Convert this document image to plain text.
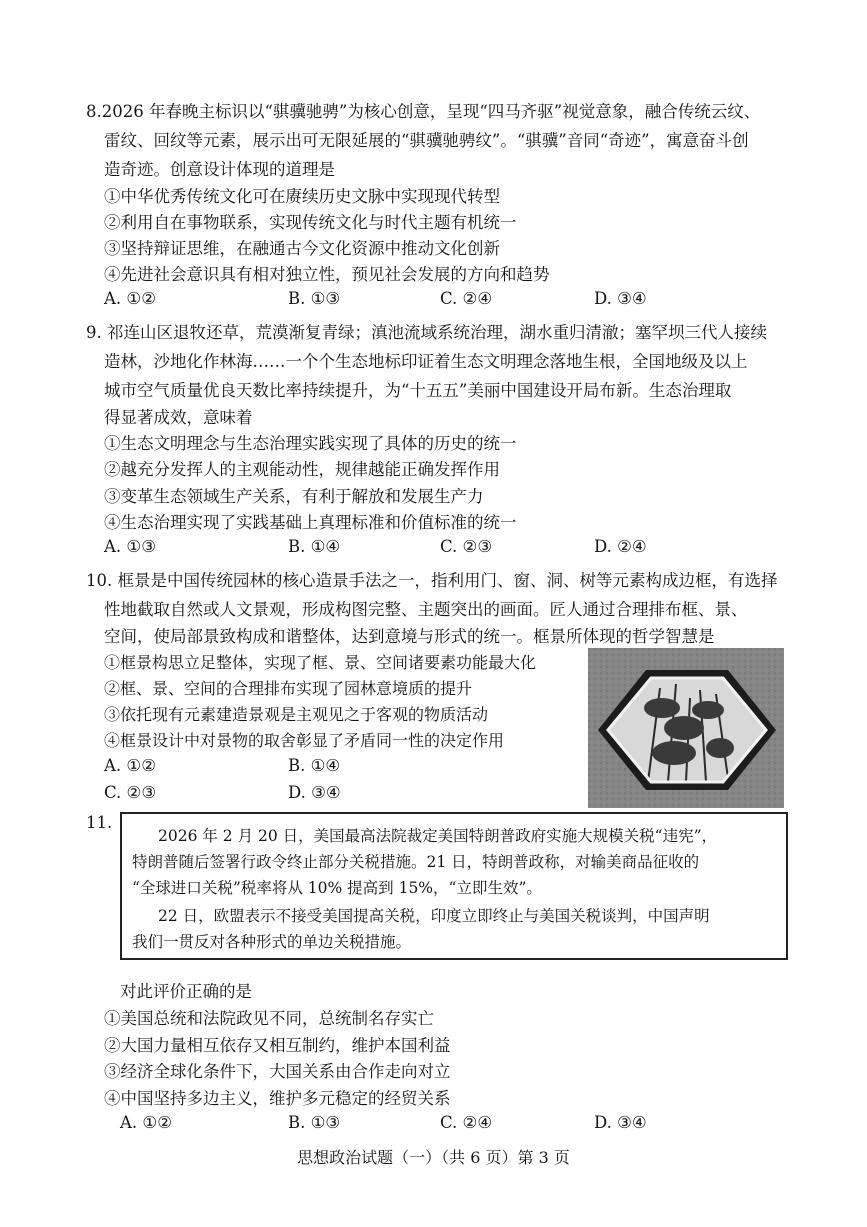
8.2026 年春晚主标识以“骐骥驰骋”为核心创意，呈现“四马齐驱”视觉意象，融合传统云纹、
雷纹、回纹等元素，展示出可无限延展的“骐骥驰骋纹”。“骐骥”音同“奇迹”，寓意奋斗创
造奇迹。创意设计体现的道理是
①中华优秀传统文化可在赓续历史文脉中实现现代转型
②利用自在事物联系，实现传统文化与时代主题有机统一
③坚持辩证思维，在融通古今文化资源中推动文化创新
④先进社会意识具有相对独立性，预见社会发展的方向和趋势
A. ①②	B. ①③	C. ②④	D. ③④
9. 祁连山区退牧还草，荒漠渐复青绿；滇池流域系统治理，湖水重归清澈；塞罕坝三代人接续
造林，沙地化作林海……一个个生态地标印证着生态文明理念落地生根，全国地级及以上
城市空气质量优良天数比率持续提升，为“十五五”美丽中国建设开局布新。生态治理取
得显著成效，意味着
①生态文明理念与生态治理实践实现了具体的历史的统一
②越充分发挥人的主观能动性，规律越能正确发挥作用
③变革生态领域生产关系，有利于解放和发展生产力
④生态治理实现了实践基础上真理标准和价值标准的统一
A. ①③	B. ①④	C. ②③	D. ②④
10. 框景是中国传统园林的核心造景手法之一，指利用门、窗、洞、树等元素构成边框，有选择
性地截取自然或人文景观，形成构图完整、主题突出的画面。匠人通过合理排布框、景、
空间，使局部景致构成和谐整体，达到意境与形式的统一。框景所体现的哲学智慧是
①框景构思立足整体，实现了框、景、空间诸要素功能最大化
②框、景、空间的合理排布实现了园林意境质的提升
③依托现有元素建造景观是主观见之于客观的物质活动
④框景设计中对景物的取舍彰显了矛盾同一性的决定作用
A. ①②	B. ①④
C. ②③	D. ③④
11.
2026 年 2 月 20 日，美国最高法院裁定美国特朗普政府实施大规模关税“违宪”，
特朗普随后签署行政令终止部分关税措施。21 日，特朗普政称，对输美商品征收的
“全球进口关税”税率将从 10% 提高到 15%，“立即生效”。
22 日，欧盟表示不接受美国提高关税，印度立即终止与美国关税谈判，中国声明
我们一贯反对各种形式的单边关税措施。
对此评价正确的是
①美国总统和法院政见不同，总统制名存实亡
②大国力量相互依存又相互制约，维护本国利益
③经济全球化条件下，大国关系由合作走向对立
④中国坚持多边主义，维护多元稳定的经贸关系
A. ①②	B. ①③	C. ②④	D. ③④
思想政治试题（一）（共 6 页）第 3 页
